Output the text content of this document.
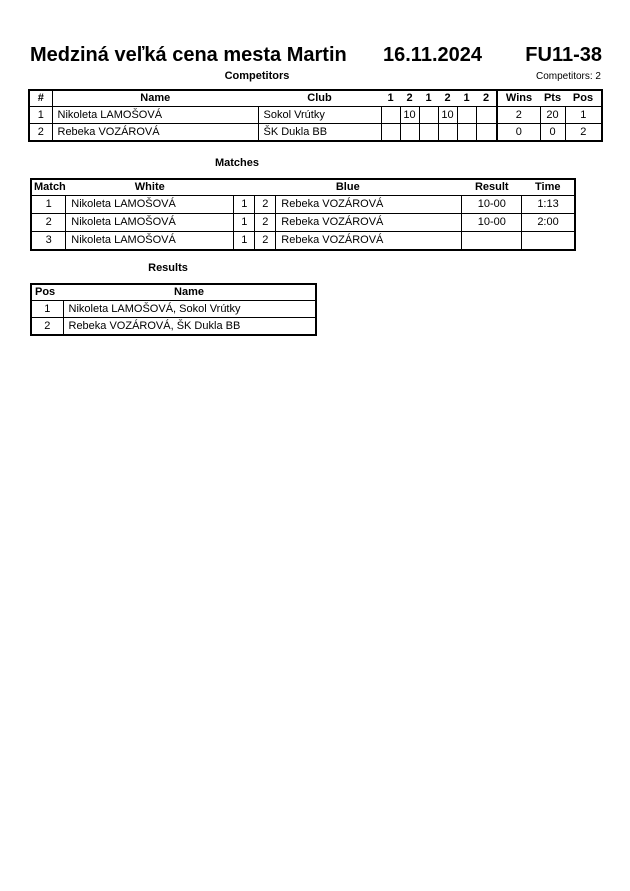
Medziná veľká cena mesta Martin 16.11.2024 FU11-38
Competitors	Competitors: 2
#	Name	Club	1	2	1	2	1	2	Wins	Pts	Pos
1	Nikoleta LAMOŠOVÁ	Sokol Vrútky		10		10			2	20	1
2	Rebeka VOZÁROVÁ	ŠK Dukla BB							0	0	2
Matches
Match	White	Blue			Result	Time
1	Nikoleta LAMOŠOVÁ	1	2	Rebeka VOZÁROVÁ	10-00	1:13
2	Nikoleta LAMOŠOVÁ	1	2	Rebeka VOZÁROVÁ	10-00	2:00
3	Nikoleta LAMOŠOVÁ	1	2	Rebeka VOZÁROVÁ		
Results
Pos	Name
1	Nikoleta LAMOŠOVÁ, Sokol Vrútky
2	Rebeka VOZÁROVÁ, ŠK Dukla BB
